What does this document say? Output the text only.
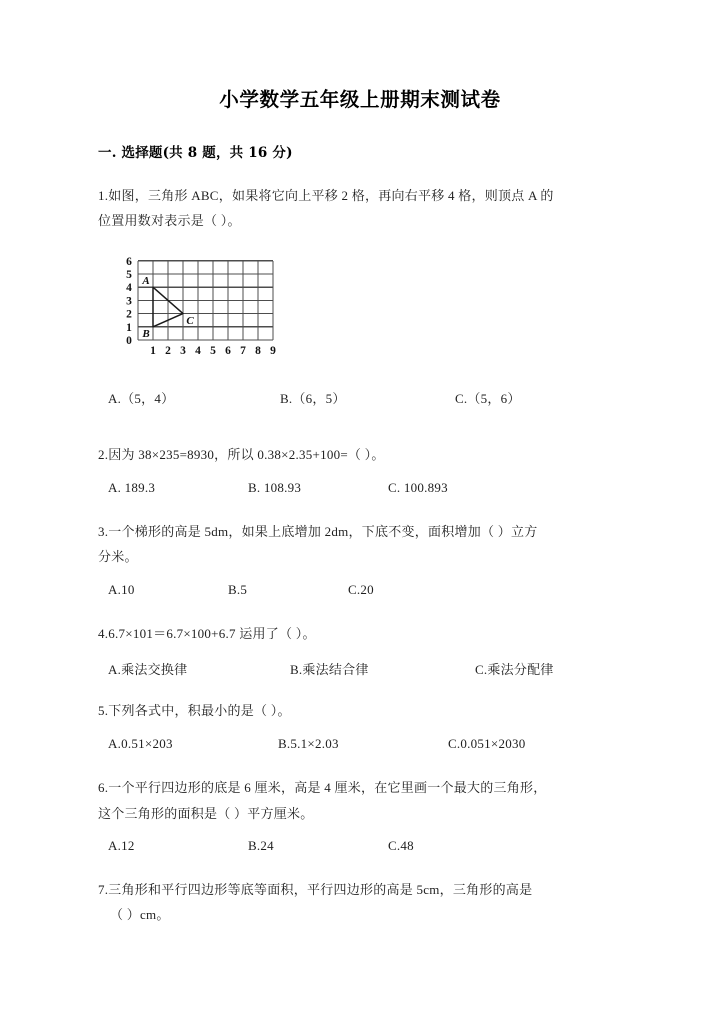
小学数学五年级上册期末测试卷
一. 选择题(共 8 题，共 16 分)

1.如图，三角形 ABC，如果将它向上平移 2 格，再向右平移 4 格，则顶点 A 的

位置用数对表示是（ ）。

A
B
C
0
1
2
3
4
5
6
1 2 3 4 5 6 7 8 9
A.（5，4）	B.（6，5）	C.（5，6）

2.因为 38×235=8930，所以 0.38×2.35+100=（ ）。

A. 189.3	B. 108.93	C. 100.893

3.一个梯形的高是 5dm，如果上底增加 2dm，下底不变，面积增加（ ）立方

分米。

A.10	B.5	C.20

4.6.7×101＝6.7×100+6.7 运用了（ ）。

A.乘法交换律	B.乘法结合律	C.乘法分配律

5.下列各式中，积最小的是（ ）。

A.0.51×203	B.5.1×2.03	C.0.051×2030

6.一个平行四边形的底是 6 厘米，高是 4 厘米，在它里画一个最大的三角形，

这个三角形的面积是（ ）平方厘米。

A.12	B.24	C.48

7.三角形和平行四边形等底等面积，平行四边形的高是 5cm，三角形的高是

（ ）cm。
